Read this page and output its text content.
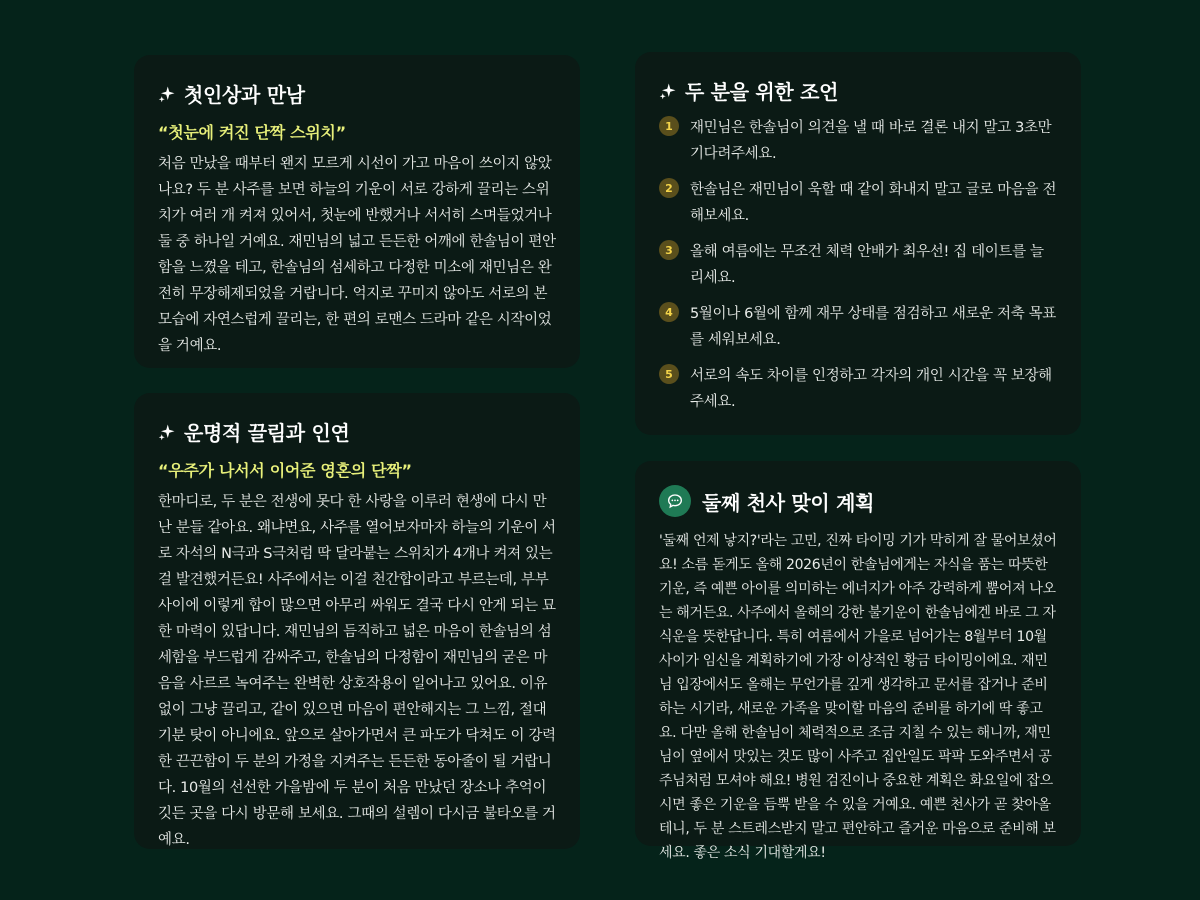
첫인상과 만남
“첫눈에 켜진 단짝 스위치”
처음 만났을 때부터 왠지 모르게 시선이 가고 마음이 쓰이지 않았나요? 두 분 사주를 보면 하늘의 기운이 서로 강하게 끌리는 스위치가 여러 개 켜져 있어서, 첫눈에 반했거나 서서히 스며들었거나 둘 중 하나일 거예요. 재민님의 넓고 든든한 어깨에 한솔님이 편안함을 느꼈을 테고, 한솔님의 섬세하고 다정한 미소에 재민님은 완전히 무장해제되었을 거랍니다. 억지로 꾸미지 않아도 서로의 본모습에 자연스럽게 끌리는, 한 편의 로맨스 드라마 같은 시작이었을 거예요.
운명적 끌림과 인연
“우주가 나서서 이어준 영혼의 단짝”
한마디로, 두 분은 전생에 못다 한 사랑을 이루러 현생에 다시 만난 분들 같아요. 왜냐면요, 사주를 열어보자마자 하늘의 기운이 서로 자석의 N극과 S극처럼 딱 달라붙는 스위치가 4개나 켜져 있는 걸 발견했거든요! 사주에서는 이걸 천간합이라고 부르는데, 부부 사이에 이렇게 합이 많으면 아무리 싸워도 결국 다시 안게 되는 묘한 마력이 있답니다. 재민님의 듬직하고 넓은 마음이 한솔님의 섬세함을 부드럽게 감싸주고, 한솔님의 다정함이 재민님의 굳은 마음을 사르르 녹여주는 완벽한 상호작용이 일어나고 있어요. 이유 없이 그냥 끌리고, 같이 있으면 마음이 편안해지는 그 느낌, 절대 기분 탓이 아니에요. 앞으로 살아가면서 큰 파도가 닥쳐도 이 강력한 끈끈함이 두 분의 가정을 지켜주는 든든한 동아줄이 될 거랍니다. 10월의 선선한 가을밤에 두 분이 처음 만났던 장소나 추억이 깃든 곳을 다시 방문해 보세요. 그때의 설렘이 다시금 불타오를 거예요.
두 분을 위한 조언
1	재민님은 한솔님이 의견을 낼 때 바로 결론 내지 말고 3초만 기다려주세요.
2	한솔님은 재민님이 욱할 때 같이 화내지 말고 글로 마음을 전해보세요.
3	올해 여름에는 무조건 체력 안배가 최우선! 집 데이트를 늘리세요.
4	5월이나 6월에 함께 재무 상태를 점검하고 새로운 저축 목표를 세워보세요.
5	서로의 속도 차이를 인정하고 각자의 개인 시간을 꼭 보장해주세요.
둘째 천사 맞이 계획
'둘째 언제 낳지?'라는 고민, 진짜 타이밍 기가 막히게 잘 물어보셨어요! 소름 돋게도 올해 2026년이 한솔님에게는 자식을 품는 따뜻한 기운, 즉 예쁜 아이를 의미하는 에너지가 아주 강력하게 뿜어져 나오는 해거든요. 사주에서 올해의 강한 불기운이 한솔님에겐 바로 그 자식운을 뜻한답니다. 특히 여름에서 가을로 넘어가는 8월부터 10월 사이가 임신을 계획하기에 가장 이상적인 황금 타이밍이에요. 재민님 입장에서도 올해는 무언가를 깊게 생각하고 문서를 잡거나 준비하는 시기라, 새로운 가족을 맞이할 마음의 준비를 하기에 딱 좋고요. 다만 올해 한솔님이 체력적으로 조금 지칠 수 있는 해니까, 재민님이 옆에서 맛있는 것도 많이 사주고 집안일도 팍팍 도와주면서 공주님처럼 모셔야 해요! 병원 검진이나 중요한 계획은 화요일에 잡으시면 좋은 기운을 듬뿍 받을 수 있을 거예요. 예쁜 천사가 곧 찾아올 테니, 두 분 스트레스받지 말고 편안하고 즐거운 마음으로 준비해 보세요. 좋은 소식 기대할게요!
